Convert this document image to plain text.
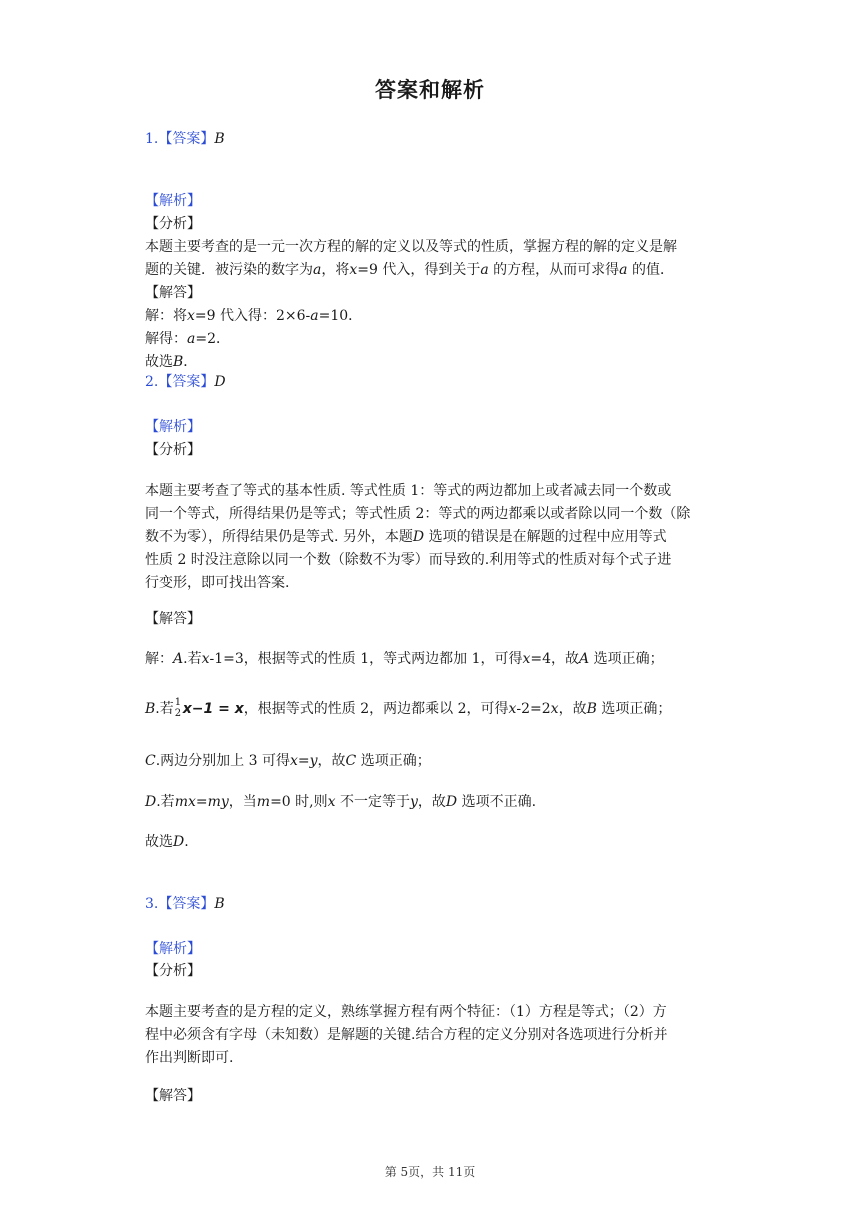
答案和解析
1.【答案】B
【解析】
【分析】
本题主要考查的是一元一次方程的解的定义以及等式的性质，掌握方程的解的定义是解
题的关键．被污染的数字为a，将x=9 代入，得到关于a 的方程，从而可求得a 的值．
【解答】
解：将x=9 代入得：2×6-a=10．
解得：a=2．
故选B．
2.【答案】D
【解析】
【分析】
本题主要考查了等式的基本性质. 等式性质 1：等式的两边都加上或者减去同一个数或
同一个等式，所得结果仍是等式；等式性质 2：等式的两边都乘以或者除以同一个数（除
数不为零），所得结果仍是等式. 另外，本题D 选项的错误是在解题的过程中应用等式
性质 2 时没注意除以同一个数（除数不为零）而导致的.利用等式的性质对每个式子进
行变形，即可找出答案.
【解答】
解：A.若x-1=3，根据等式的性质 1，等式两边都加 1，可得x=4，故A 选项正确；
B.若 1
2 x−1 = x，根据等式的性质 2，两边都乘以 2，可得x-2=2x，故B 选项正确；
C.两边分别加上 3 可得x=y，故C 选项正确；
D.若mx=my，当m=0 时,则x 不一定等于y，故D 选项不正确.
故选D.
3.【答案】B
【解析】
【分析】
本题主要考查的是方程的定义，熟练掌握方程有两个特征：（1）方程是等式；（2）方
程中必须含有字母（未知数）是解题的关键.结合方程的定义分别对各选项进行分析并
作出判断即可.
【解答】
第 5页，共 11页
